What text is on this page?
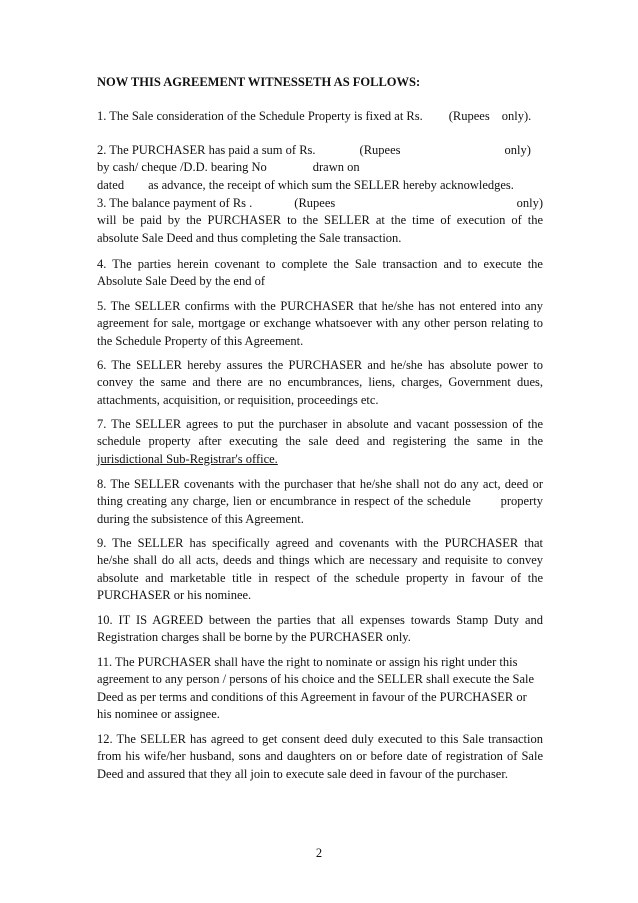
NOW THIS AGREEMENT WITNESSETH AS FOLLOWS:
1. The Sale consideration of the Schedule Property is fixed at Rs. (Rupees only).
2. The PURCHASER has paid a sum of Rs.	(Rupees	only)
by cash/ cheque /D.D. bearing No	drawn on
dated as advance, the receipt of which sum the SELLER hereby acknowledges.
3. The balance payment of Rs .	(Rupees	only)
will be paid by the PURCHASER to the SELLER at the time of execution of the absolute Sale Deed and thus completing the Sale transaction.
4. The parties herein covenant to complete the Sale transaction and to execute the Absolute Sale Deed by the end of
5. The SELLER confirms with the PURCHASER that he/she has not entered into any agreement for sale, mortgage or exchange whatsoever with any other person relating to the Schedule Property of this Agreement.
6. The SELLER hereby assures the PURCHASER and he/she has absolute power to convey the same and there are no encumbrances, liens, charges, Government dues, attachments, acquisition, or requisition, proceedings etc.
7. The SELLER agrees to put the purchaser in absolute and vacant possession of the schedule property after executing the sale deed and registering the same in the jurisdictional Sub-Registrar's office.
8. The SELLER covenants with the purchaser that he/she shall not do any act, deed or thing creating any charge, lien or encumbrance in respect of the schedule property during the subsistence of this Agreement.
9. The SELLER has specifically agreed and covenants with the PURCHASER that he/she shall do all acts, deeds and things which are necessary and requisite to convey absolute and marketable title in respect of the schedule property in favour of the PURCHASER or his nominee.
10. IT IS AGREED between the parties that all expenses towards Stamp Duty and Registration charges shall be borne by the PURCHASER only.
11. The PURCHASER shall have the right to nominate or assign his right under this agreement to any person / persons of his choice and the SELLER shall execute the Sale Deed as per terms and conditions of this Agreement in favour of the PURCHASER or his nominee or assignee.
12. The SELLER has agreed to get consent deed duly executed to this Sale transaction from his wife/her husband, sons and daughters on or before date of registration of Sale Deed and assured that they all join to execute sale deed in favour of the purchaser.
2
